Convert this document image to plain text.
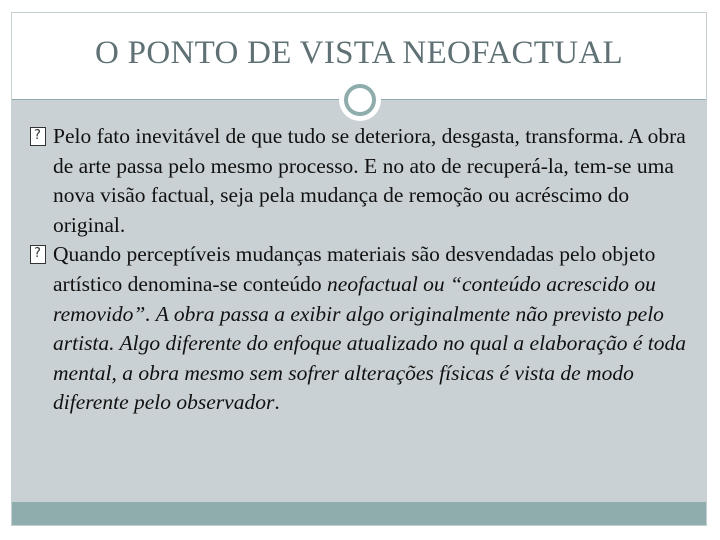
O PONTO DE VISTA NEOFACTUAL

Pelo fato inevitável de que tudo se deteriora, desgasta, transforma. A obra de arte passa pelo mesmo processo. E no ato de recuperá-la, tem-se uma nova visão factual, seja pela mudança de remoção ou acréscimo do original.

Quando perceptíveis mudanças materiais são desvendadas pelo objeto artístico denomina-se conteúdo neofactual ou “conteúdo acrescido ou removido”. A obra passa a exibir algo originalmente não previsto pelo artista. Algo diferente do enfoque atualizado no qual a elaboração é toda mental, a obra mesmo sem sofrer alterações físicas é vista de modo diferente pelo observador.
